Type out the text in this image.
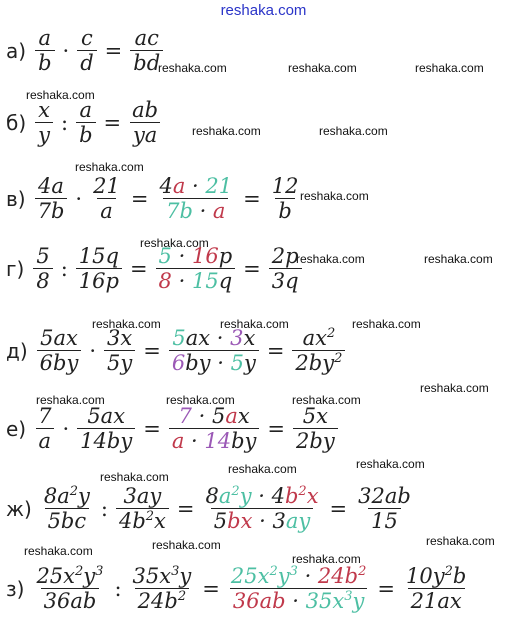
reshaka.com
reshaka.com	reshaka.com	reshaka.com
reshaka.com
reshaka.com	reshaka.com
reshaka.com
reshaka.com
reshaka.com
reshaka.com	reshaka.com
reshaka.com	reshaka.com	reshaka.com
reshaka.com
reshaka.com	reshaka.com	reshaka.com
reshaka.com	reshaka.com
reshaka.com
reshaka.com
reshaka.com
reshaka.com
reshaka.com
$а) \frac{a}{b} \cdot \frac{c}{d} = \frac{ac}{bd}$
$б) \frac{x}{y}$ : $\frac{a}{b} = \frac{ab}{ya}$
$в) \frac{4a}{7b} \cdot \frac{21}{a} = \frac{4a \cdot 21}{7b \cdot a} = \frac{12}{b}$
$г) \frac{5}{8}$ : $\frac{15q}{16p} = \frac{5 \cdot 16p}{8 \cdot 15q} = \frac{2p}{3q}$
$д) \frac{5ax}{6by} \cdot \frac{3x}{5y} = \frac{5ax \cdot 3x}{6by \cdot 5y} = \frac{ax^2}{2by^2}$
$е) \frac{7}{a} \cdot \frac{5ax}{14by} = \frac{7 \cdot 5ax}{a \cdot 14by} = \frac{5x}{2by}$
$ж) \frac{8a^2y}{5bc}$ : $\frac{3ay}{4b^2x} = \frac{8a^2y \cdot 4b^2x}{5bx \cdot 3ay} = \frac{32ab}{15}$
$з) \frac{25x^2y^3}{36ab}$ : $\frac{35x^3y}{24b^2} = \frac{25x^2y^3 \cdot 24b^2}{36ab \cdot 35x^3y} = \frac{10y^2b}{21ax}$
